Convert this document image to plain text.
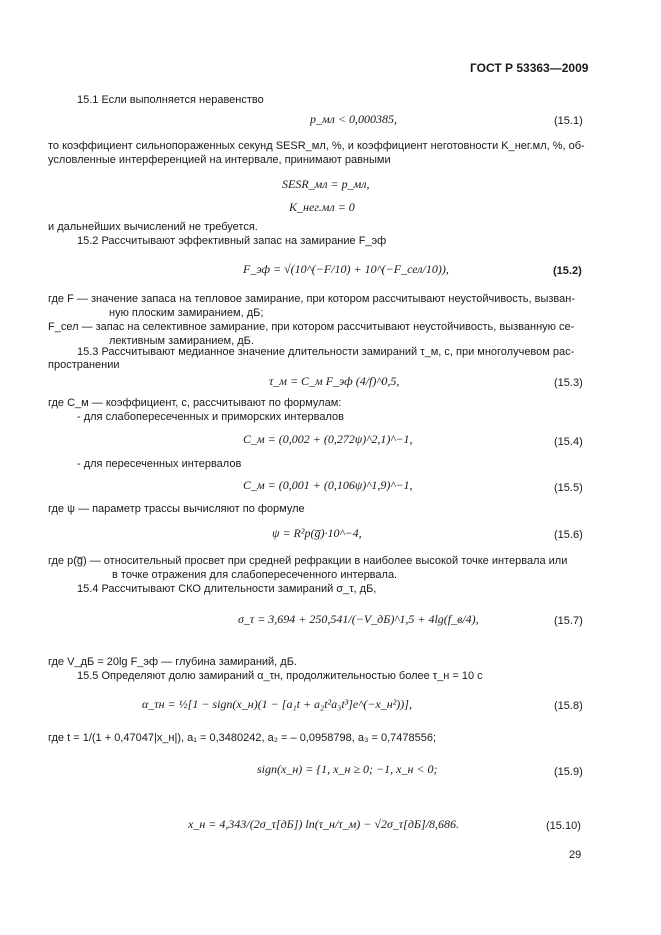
ГОСТ Р 53363—2009
15.1 Если выполняется неравенство
p_мл < 0,000385,	(15.1)
то коэффициент сильнопораженных секунд SESR_мл, %, и коэффициент неготовности K_нег.мл, %, об-
условленные интерференцией на интервале, принимают равными
SESR_мл = p_мл,
K_нег.мл = 0
и дальнейших вычислений не требуется.
15.2 Рассчитывают эффективный запас на замирание F_эф
F_эф = √(10^(−F/10) + 10^(−F_сел/10)),	(15.2)
где F — значение запаса на тепловое замирание, при котором рассчитывают неустойчивость, вызван-
ную плоским замиранием, дБ;
F_сел — запас на селективное замирание, при котором рассчитывают неустойчивость, вызванную се-
лективным замиранием, дБ.
15.3 Рассчитывают медианное значение длительности замираний τ_м, с, при многолучевом рас-
пространении
τ_м = C_м F_эф (4/f)^0,5,	(15.3)
где C_м — коэффициент, с, рассчитывают по формулам:
- для слабопересеченных и приморских интервалов
C_м = (0,002 + (0,272ψ)^2,1)^−1,	(15.4)
- для пересеченных интервалов
C_м = (0,001 + (0,106ψ)^1,9)^−1,	(15.5)
где ψ — параметр трассы вычисляют по формуле
ψ = R²p(g̅)·10^−4,	(15.6)
где p(g̅) — относительный просвет при средней рефракции в наиболее высокой точке интервала или
в точке отражения для слабопересеченного интервала.
15.4 Рассчитывают СКО длительности замираний σ_τ, дБ,
σ_τ = 3,694 + 250,541/(−V_дБ)^1,5 + 4lg(f_в/4),	(15.7)
где V_дБ = 20lg F_эф — глубина замираний, дБ.
15.5 Определяют долю замираний α_τн, продолжительностью более τ_н = 10 с
α_τн = ½[1 − sign(x_н)(1 − [a₁t + a₂t²a₃t³]e^(−x_н²))],	(15.8)
где t = 1/(1 + 0,47047|x_н|), a₁ = 0,3480242, a₂ = – 0,0958798, a₃ = 0,7478556;
sign(x_н) = {1, x_н ≥ 0; −1, x_н < 0;	(15.9)
x_н = 4,343/(2σ_τ[дБ]) ln(τ_н/τ_м) − √2σ_τ[дБ]/8,686.	(15.10)
29
